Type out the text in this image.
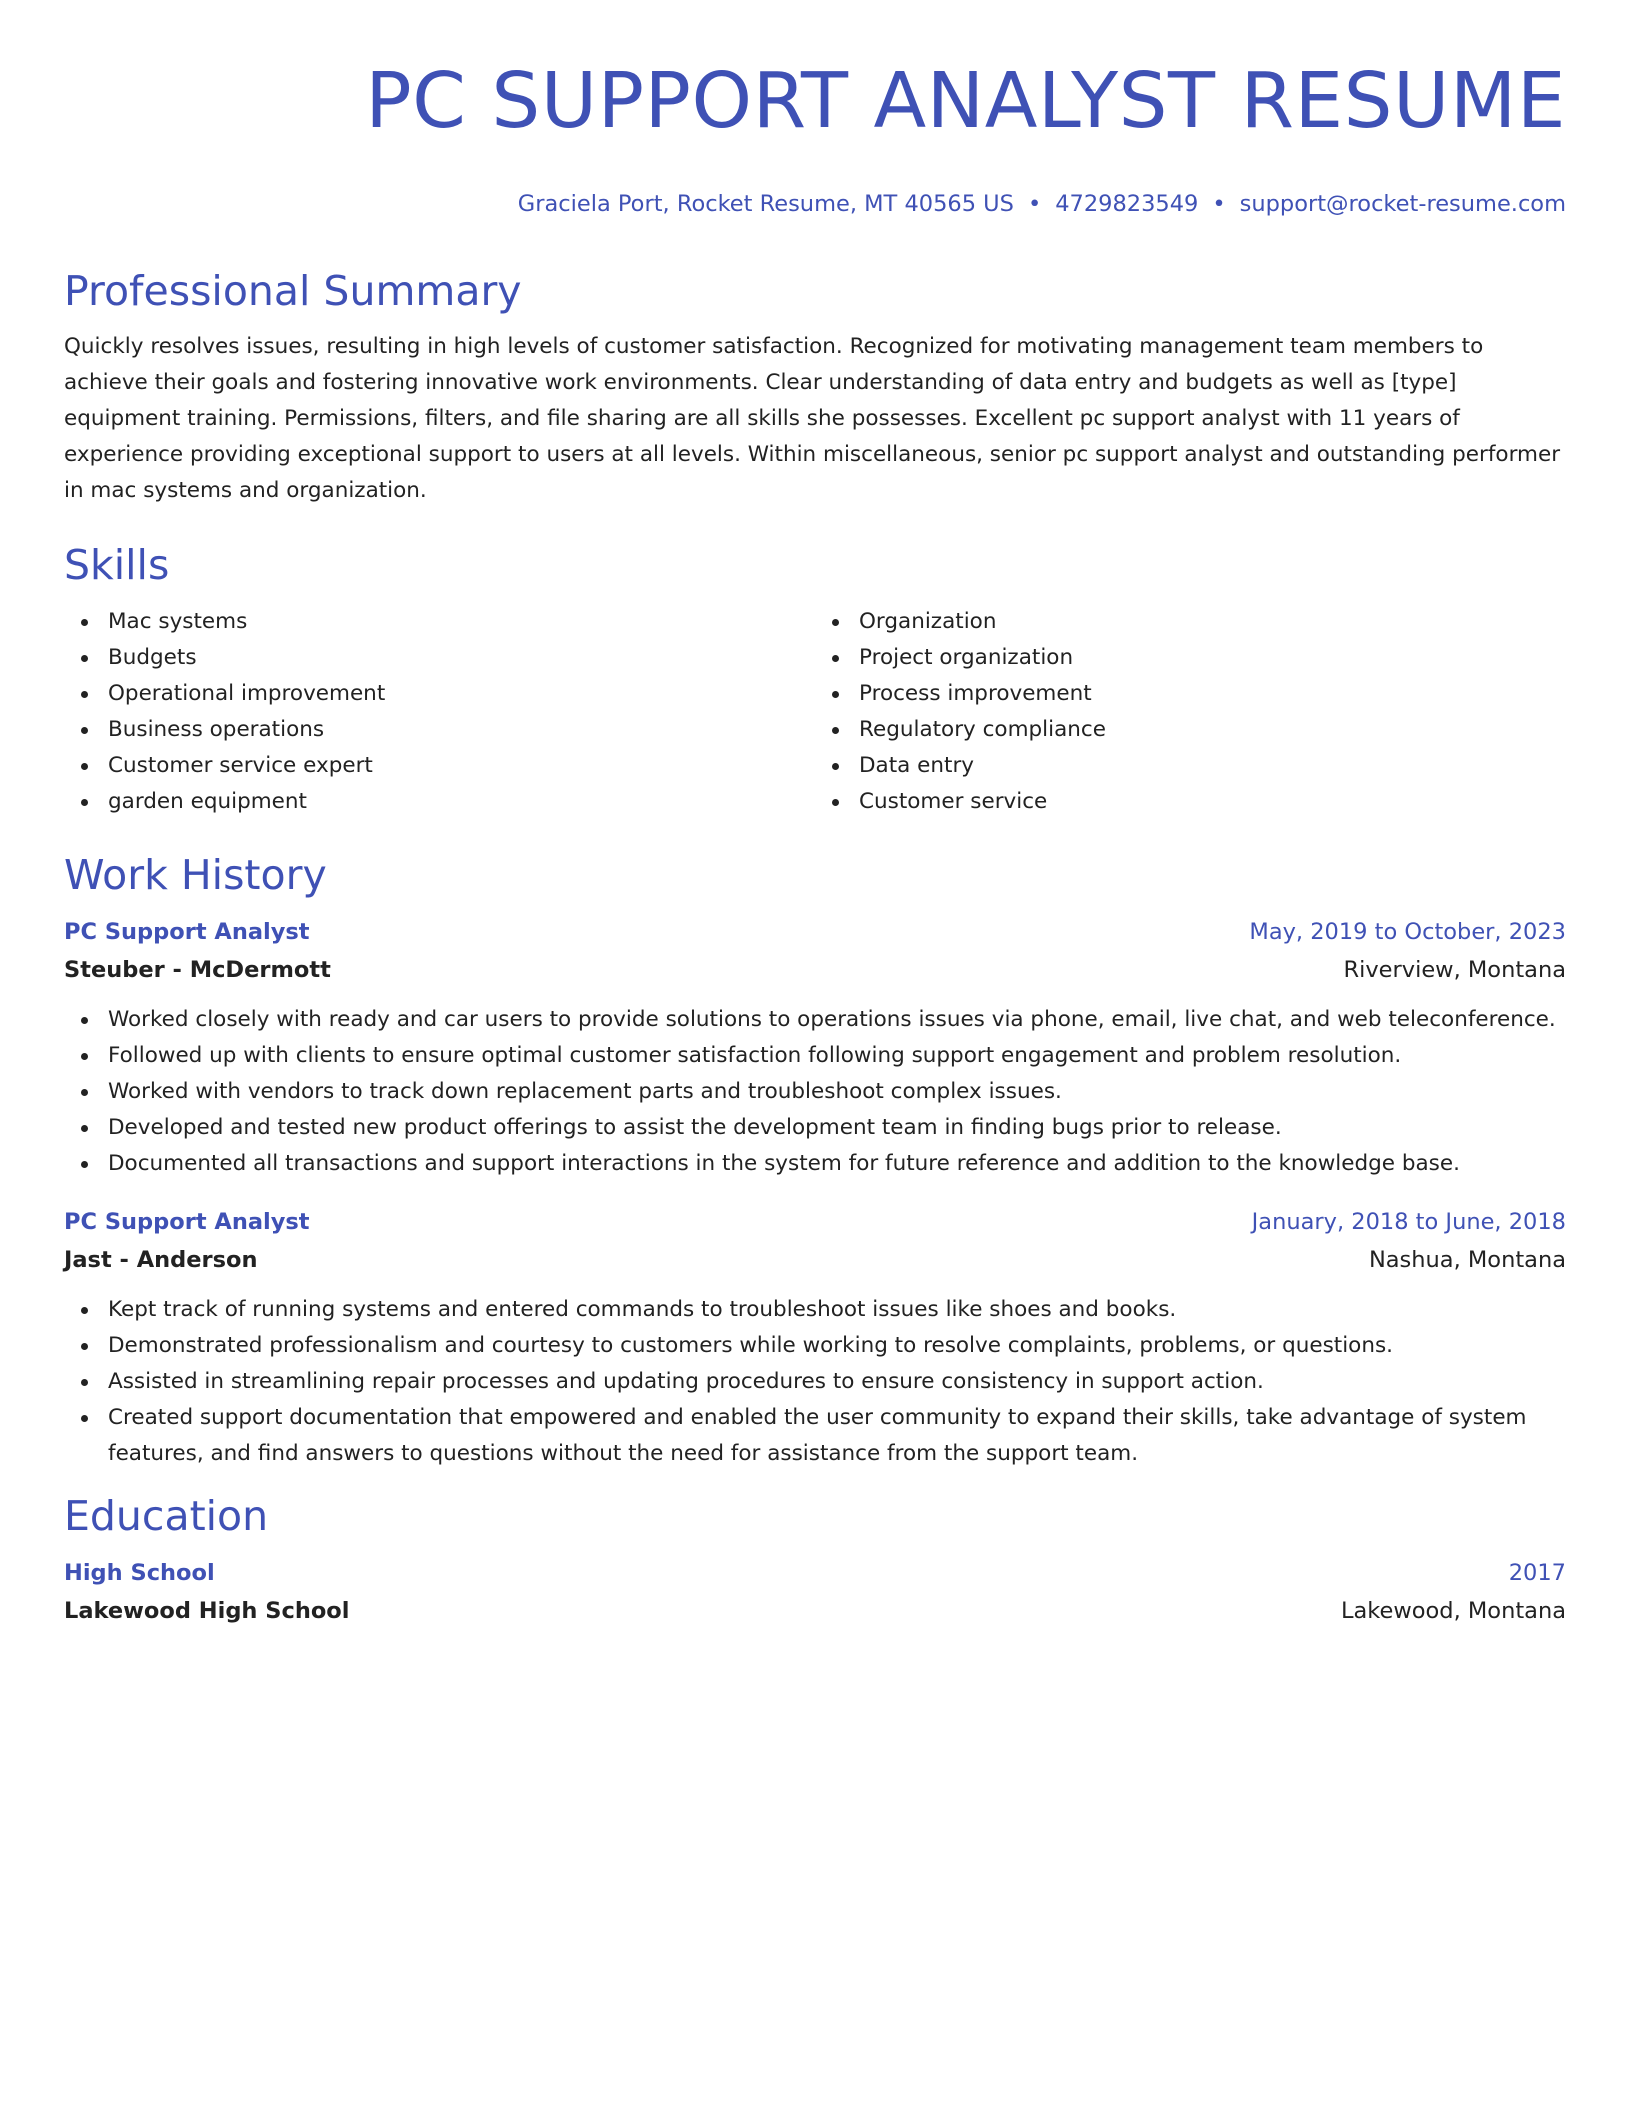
PC SUPPORT ANALYST RESUME
Graciela Port, Rocket Resume, MT 40565 US • 4729823549 • support@rocket-resume.com
Professional Summary

Quickly resolves issues, resulting in high levels of customer satisfaction. Recognized for motivating management team members to achieve their goals and fostering innovative work environments. Clear understanding of data entry and budgets as well as [type] equipment training. Permissions, filters, and file sharing are all skills she possesses. Excellent pc support analyst with 11 years of experience providing exceptional support to users at all levels. Within miscellaneous, senior pc support analyst and outstanding performer in mac systems and organization.

Skills
Mac systems
Budgets
Operational improvement
Business operations
Customer service expert
garden equipment
Organization
Project organization
Process improvement
Regulatory compliance
Data entry
Customer service
Work History
PC Support Analyst	May, 2019 to October, 2023
Steuber - McDermott	Riverview, Montana
Worked closely with ready and car users to provide solutions to operations issues via phone, email, live chat, and web teleconference.
Followed up with clients to ensure optimal customer satisfaction following support engagement and problem resolution.
Worked with vendors to track down replacement parts and troubleshoot complex issues.
Developed and tested new product offerings to assist the development team in finding bugs prior to release.
Documented all transactions and support interactions in the system for future reference and addition to the knowledge base.
PC Support Analyst	January, 2018 to June, 2018
Jast - Anderson	Nashua, Montana
Kept track of running systems and entered commands to troubleshoot issues like shoes and books.
Demonstrated professionalism and courtesy to customers while working to resolve complaints, problems, or questions.
Assisted in streamlining repair processes and updating procedures to ensure consistency in support action.
Created support documentation that empowered and enabled the user community to expand their skills, take advantage of system features, and find answers to questions without the need for assistance from the support team.
Education
High School	2017
Lakewood High School	Lakewood, Montana
